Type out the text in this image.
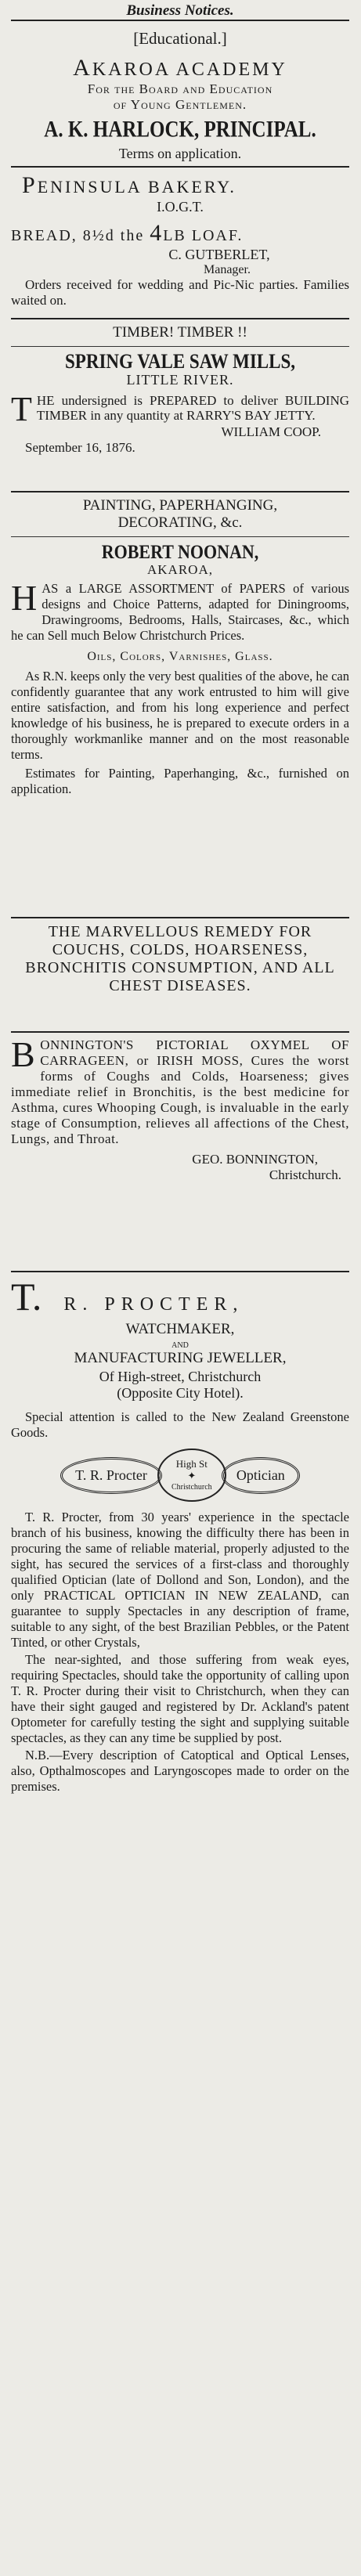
Business Notices.
[Educational.]
AKAROA ACADEMY
For the Board and Education
of Young Gentlemen.
A. K. HARLOCK, PRINCIPAL.
Terms on application.
PENINSULA BAKERY.
I.O.G.T.
BREAD, 8½d the 4LB LOAF.
C. GUTBERLET,
Manager.
Orders received for wedding and Pic-Nic parties. Families waited on.
TIMBER! TIMBER !!
SPRING VALE SAW MILLS,
LITTLE RIVER.
THE undersigned is PREPARED to deliver BUILDING TIMBER in any quantity at RARRY'S BAY JETTY.
WILLIAM COOP.
September 16, 1876.
PAINTING, PAPERHANGING,
DECORATING, &c.
ROBERT NOONAN,
AKAROA,
HAS a LARGE ASSORTMENT of PAPERS of various designs and Choice Patterns, adapted for Diningrooms, Drawingrooms, Bedrooms, Halls, Staircases, &c., which he can Sell much Below Christchurch Prices.
Oils, Colors, Varnishes, Glass.
As R.N. keeps only the very best qualities of the above, he can confidently guarantee that any work entrusted to him will give entire satisfaction, and from his long experience and perfect knowledge of his business, he is prepared to execute orders in a thoroughly workmanlike manner and on the most reasonable terms.
Estimates for Painting, Paperhanging, &c., furnished on application.
THE MARVELLOUS REMEDY FOR COUCHS, COLDS, HOARSENESS, BRONCHITIS CONSUMPTION, AND ALL CHEST DISEASES.
BONNINGTON'S PICTORIAL OXYMEL OF CARRAGEEN, or IRISH MOSS, Cures the worst forms of Coughs and Colds, Hoarseness; gives immediate relief in Bronchitis, is the best medicine for Asthma, cures Whooping Cough, is invaluable in the early stage of Consumption, relieves all affections of the Chest, Lungs, and Throat.
GEO. BONNINGTON,
Christchurch.
T. R. PROCTER,
WATCHMAKER,
AND
MANUFACTURING JEWELLER,
Of High-street, Christchurch
(Opposite City Hotel).
Special attention is called to the New Zealand Greenstone Goods.
T. R. Procter
High St
✦
Christchurch
Optician
T. R. Procter, from 30 years' experience in the spectacle branch of his business, knowing the difficulty there has been in procuring the same of reliable material, properly adjusted to the sight, has secured the services of a first-class and thoroughly qualified Optician (late of Dollond and Son, London), and the only PRACTICAL OPTICIAN IN NEW ZEALAND, can guarantee to supply Spectacles in any description of frame, suitable to any sight, of the best Brazilian Pebbles, or the Patent Tinted, or other Crystals,
The near-sighted, and those suffering from weak eyes, requiring Spectacles, should take the opportunity of calling upon T. R. Procter during their visit to Christchurch, when they can have their sight gauged and registered by Dr. Ackland's patent Optometer for carefully testing the sight and supplying suitable spectacles, as they can any time be supplied by post.
N.B.—Every description of Catoptical and Optical Lenses, also, Opthalmoscopes and Laryngoscopes made to order on the premises.
